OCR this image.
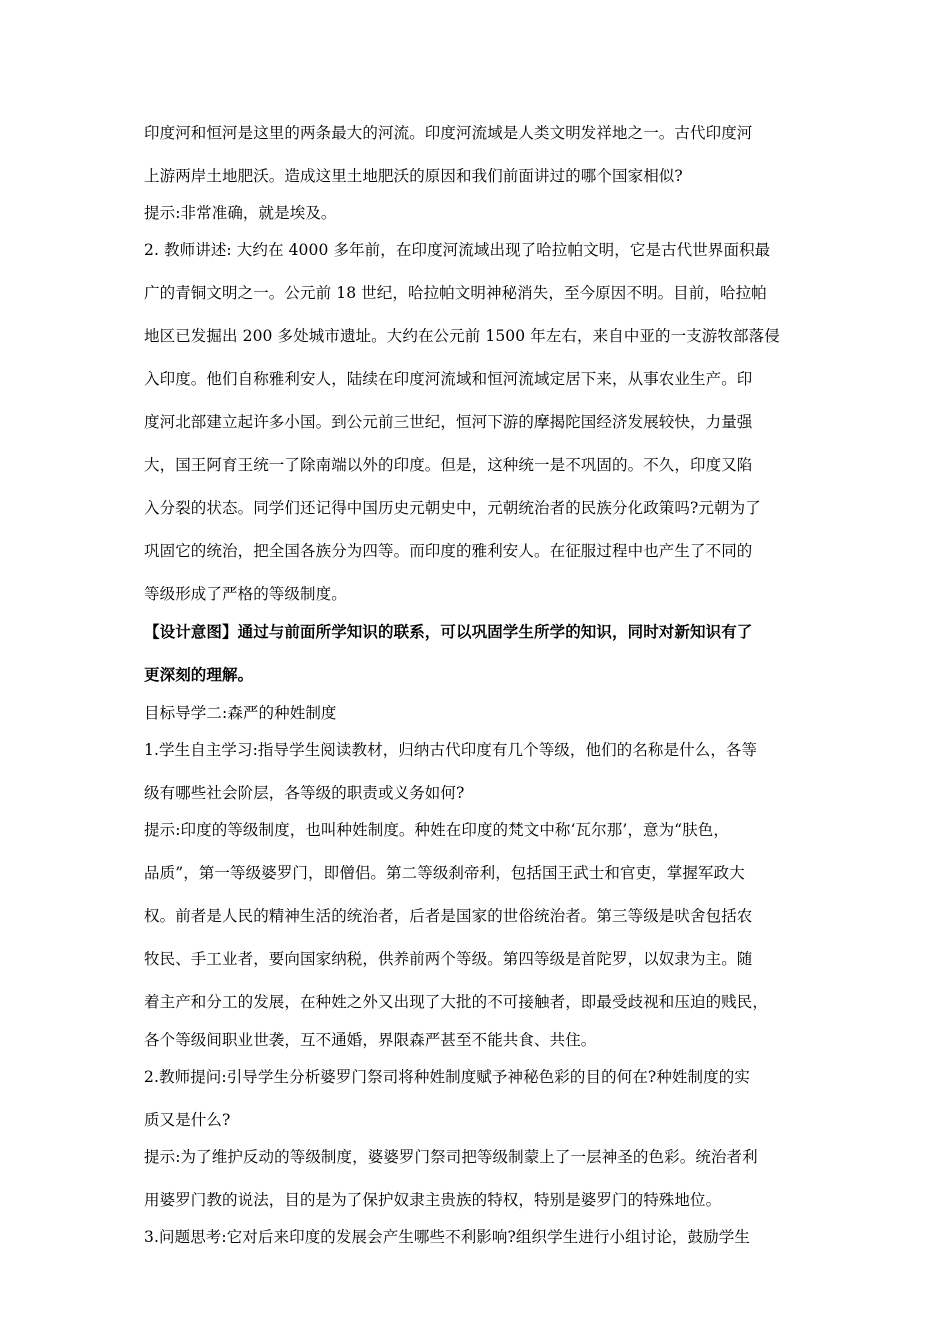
印度河和恒河是这里的两条最大的河流。印度河流域是人类文明发祥地之一。古代印度河
上游两岸土地肥沃。造成这里土地肥沃的原因和我们前面讲过的哪个国家相似?
提示:非常准确，就是埃及。
2. 教师讲述: 大约在 4000 多年前，在印度河流域出现了哈拉帕文明，它是古代世界面积最
广的青铜文明之一。公元前 18 世纪，哈拉帕文明神秘消失，至今原因不明。目前，哈拉帕
地区已发掘出 200 多处城市遗址。大约在公元前 1500 年左右，来自中亚的一支游牧部落侵
入印度。他们自称雅利安人，陆续在印度河流域和恒河流域定居下来，从事农业生产。印
度河北部建立起许多小国。到公元前三世纪，恒河下游的摩揭陀国经济发展较快，力量强
大，国王阿育王统一了除南端以外的印度。但是，这种统一是不巩固的。不久，印度又陷
入分裂的状态。同学们还记得中国历史元朝史中，元朝统治者的民族分化政策吗?元朝为了
巩固它的统治，把全国各族分为四等。而印度的雅利安人。在征服过程中也产生了不同的
等级形成了严格的等级制度。
【设计意图】通过与前面所学知识的联系，可以巩固学生所学的知识，同时对新知识有了
更深刻的理解。
目标导学二:森严的种姓制度
1.学生自主学习:指导学生阅读教材，归纳古代印度有几个等级，他们的名称是什么，各等
级有哪些社会阶层，各等级的职责或义务如何?
提示:印度的等级制度，也叫种姓制度。种姓在印度的梵文中称‘瓦尔那’，意为“肤色，
品质”，第一等级婆罗门，即僧侣。第二等级刹帝利，包括国王武士和官吏，掌握军政大
权。前者是人民的精神生活的统治者，后者是国家的世俗统治者。第三等级是吠舍包括农
牧民、手工业者，要向国家纳税，供养前两个等级。第四等级是首陀罗，以奴隶为主。随
着主产和分工的发展，在种姓之外又出现了大批的不可接触者，即最受歧视和压迫的贱民，
各个等级间职业世袭，互不通婚，界限森严甚至不能共食、共住。
2.教师提问:引导学生分析婆罗门祭司将种姓制度赋予神秘色彩的目的何在?种姓制度的实
质又是什么?
提示:为了维护反动的等级制度，婆婆罗门祭司把等级制蒙上了一层神圣的色彩。统治者利
用婆罗门教的说法，目的是为了保护奴隶主贵族的特权，特别是婆罗门的特殊地位。
3.问题思考:它对后来印度的发展会产生哪些不利影响?组织学生进行小组讨论，鼓励学生
